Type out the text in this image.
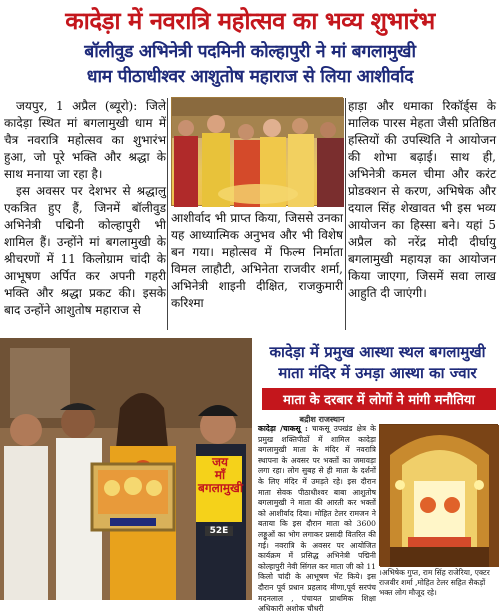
कादेड़ा में नवरात्रि महोत्सव का भव्य शुभारंभ
बॉलीवुड अभिनेत्री पदमिनी कोल्हापुरी ने मां बगलामुखी
धाम पीठाधीश्वर आशुतोष महाराज से लिया आशीर्वाद

जयपुर, 1 अप्रैल (ब्यूरो): जिले कादेड़ा स्थित मां बगलामुखी धाम में चैत्र नवरात्रि महोत्सव का शुभारंभ हुआ, जो पूरे भक्ति और श्रद्धा के साथ मनाया जा रहा है।

इस अवसर पर देशभर से श्रद्धालु एकत्रित हुए हैं, जिनमें बॉलीवुड अभिनेत्री पद्मिनी कोल्हापुरी भी शामिल हैं। उन्होंने मां बगलामुखी के श्रीचरणों में 11 किलोग्राम चांदी के आभूषण अर्पित कर अपनी गहरी भक्ति और श्रद्धा प्रकट की। इसके बाद उन्होंने आशुतोष महाराज से

आशीर्वाद भी प्राप्त किया, जिससे उनका यह आध्यात्मिक अनुभव और भी विशेष बन गया। महोत्सव में फिल्म निर्माता विमल लाहौटी, अभिनेता राजवीर शर्मा, अभिनेत्री शाइनी दीक्षित, राजकुमारी करिश्मा

हाड़ा और धमाका रिकॉर्ड्स के मालिक पारस मेहता जैसी प्रतिष्ठित हस्तियों की उपस्थिति ने आयोजन की शोभा बढ़ाई। साथ ही, अभिनेत्री कमल चीमा और करंट प्रोडक्शन से करण, अभिषेक और दयाल सिंह शेखावत भी इस भव्य आयोजन का हिस्सा बने। यहां 5 अप्रैल को नरेंद्र मोदी दीर्घायु बगलामुखी महायज्ञ का आयोजन किया जाएगा, जिसमें सवा लाख आहुति दी जाएंगी।

जय
माँ
बगलामुखी
52E
कादेड़ा में प्रमुख आस्था स्थल बगलामुखी
माता मंदिर में उमड़ा आस्था का ज्वार
माता के दरबार में लोगों ने मांगी मनौतिया
बद्रीश राजस्थान
कादेड़ा /चाकसू : चाकसू उपखंड क्षेत्र के प्रमुख शक्तिपीठों में शामिल कादेड़ा बगलामुखी माता के मंदिर में नवरात्रि स्थापना के अवसर पर भक्तों का जमावड़ा लगा रहा। लोग सुबह से ही माता के दर्शनों के लिए मंदिर में उमड़ते रहे। इस दौरान माता सेवक पीठाधीश्वर बाबा आशुतोष बगलामुखी ने माता की आरती कर भक्तों को आशीर्वाद दिया। मोहित टेलर रामजन ने बताया कि इस दौरान माता को 3600 लड्डूओं का भोग लगाकर प्रसादी वितरित की गई। नवरात्रि के अवसर पर आयोजित कार्यक्रम में प्रसिद्ध अभिनेत्री पद्मिनी कोल्हापुरी नेवी सिंगल कर माता जी को 11 किलो चांदी के आभूषण भेंट किये। इस दौरान पूर्व प्रधान प्रहलाद मीणा,पूर्व सरपंच मदनलाल , पंचायत प्राथमिक शिक्षा अधिकारी अशोक चौधरी
।अभिषेक गुप्त, राम सिंह राजेरिया, एक्टर राजवीर शर्मा ,मोहित टेलर सहित सैकड़ों भक्त लोग मौजूद रहे।
